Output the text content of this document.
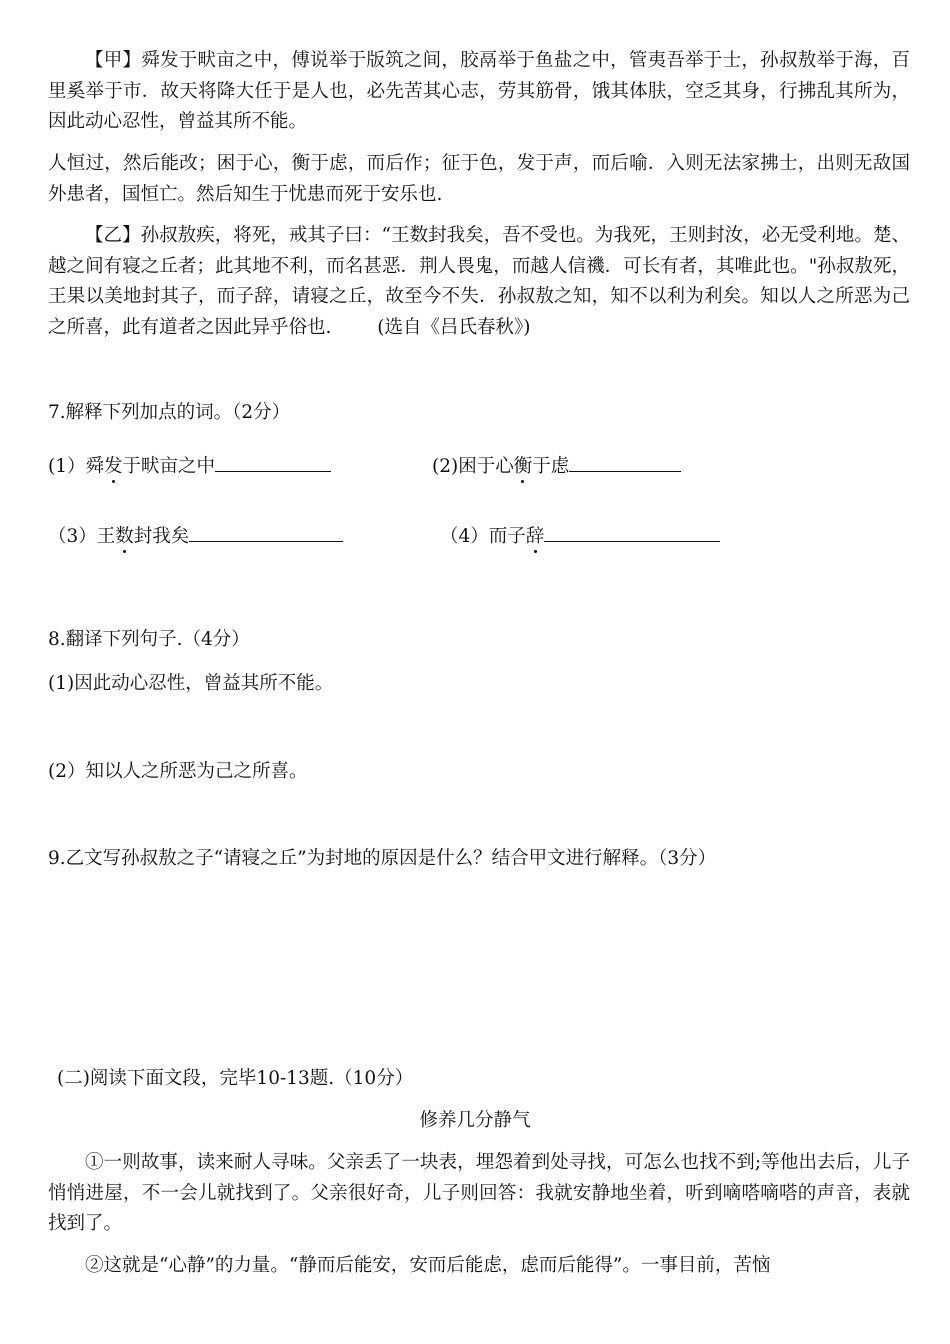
【甲】舜发于畎亩之中，傅说举于版筑之间，胶鬲举于鱼盐之中，管夷吾举于士，孙叔敖举于海，百里奚举于市．故天将降大任于是人也，必先苦其心志，劳其筋骨，饿其体肤，空乏其身，行拂乱其所为，因此动心忍性，曾益其所不能。

人恒过，然后能改；困于心，衡于虑，而后作；征于色，发于声，而后喻．入则无法家拂士，出则无敌国外患者，国恒亡。然后知生于忧患而死于安乐也.

【乙】孙叔敖疾，将死，戒其子曰：“王数封我矣，吾不受也。为我死，王则封汝，必无受利地。楚、越之间有寝之丘者；此其地不利，而名甚恶．荆人畏鬼，而越人信禨．可长有者，其唯此也。"孙叔敖死，王果以美地封其子，而子辞，请寝之丘，故至今不失．孙叔敖之知，知不以利为利矣。知以人之所恶为己之所喜，此有道者之因此异乎俗也. (选自《吕氏春秋》)

7.解释下列加点的词。（2分）

(1）舜发于畎亩之中	(2)困于心衡于虑
（3）王数封我矣	（4）而子辞

8.翻译下列句子.（4分）

(1)因此动心忍性，曾益其所不能。

(2）知以人之所恶为己之所喜。

9.乙文写孙叔敖之子“请寝之丘”为封地的原因是什么？结合甲文进行解释。（3分）

(二)阅读下面文段，完毕10-13题.（10分）

修养几分静气

①一则故事，读来耐人寻味。父亲丢了一块表，埋怨着到处寻找，可怎么也找不到;等他出去后，儿子悄悄进屋，不一会儿就找到了。父亲很好奇，儿子则回答：我就安静地坐着，听到嘀嗒嘀嗒的声音，表就找到了。

②这就是“心静”的力量。“静而后能安，安而后能虑，虑而后能得”。一事目前，苦恼
